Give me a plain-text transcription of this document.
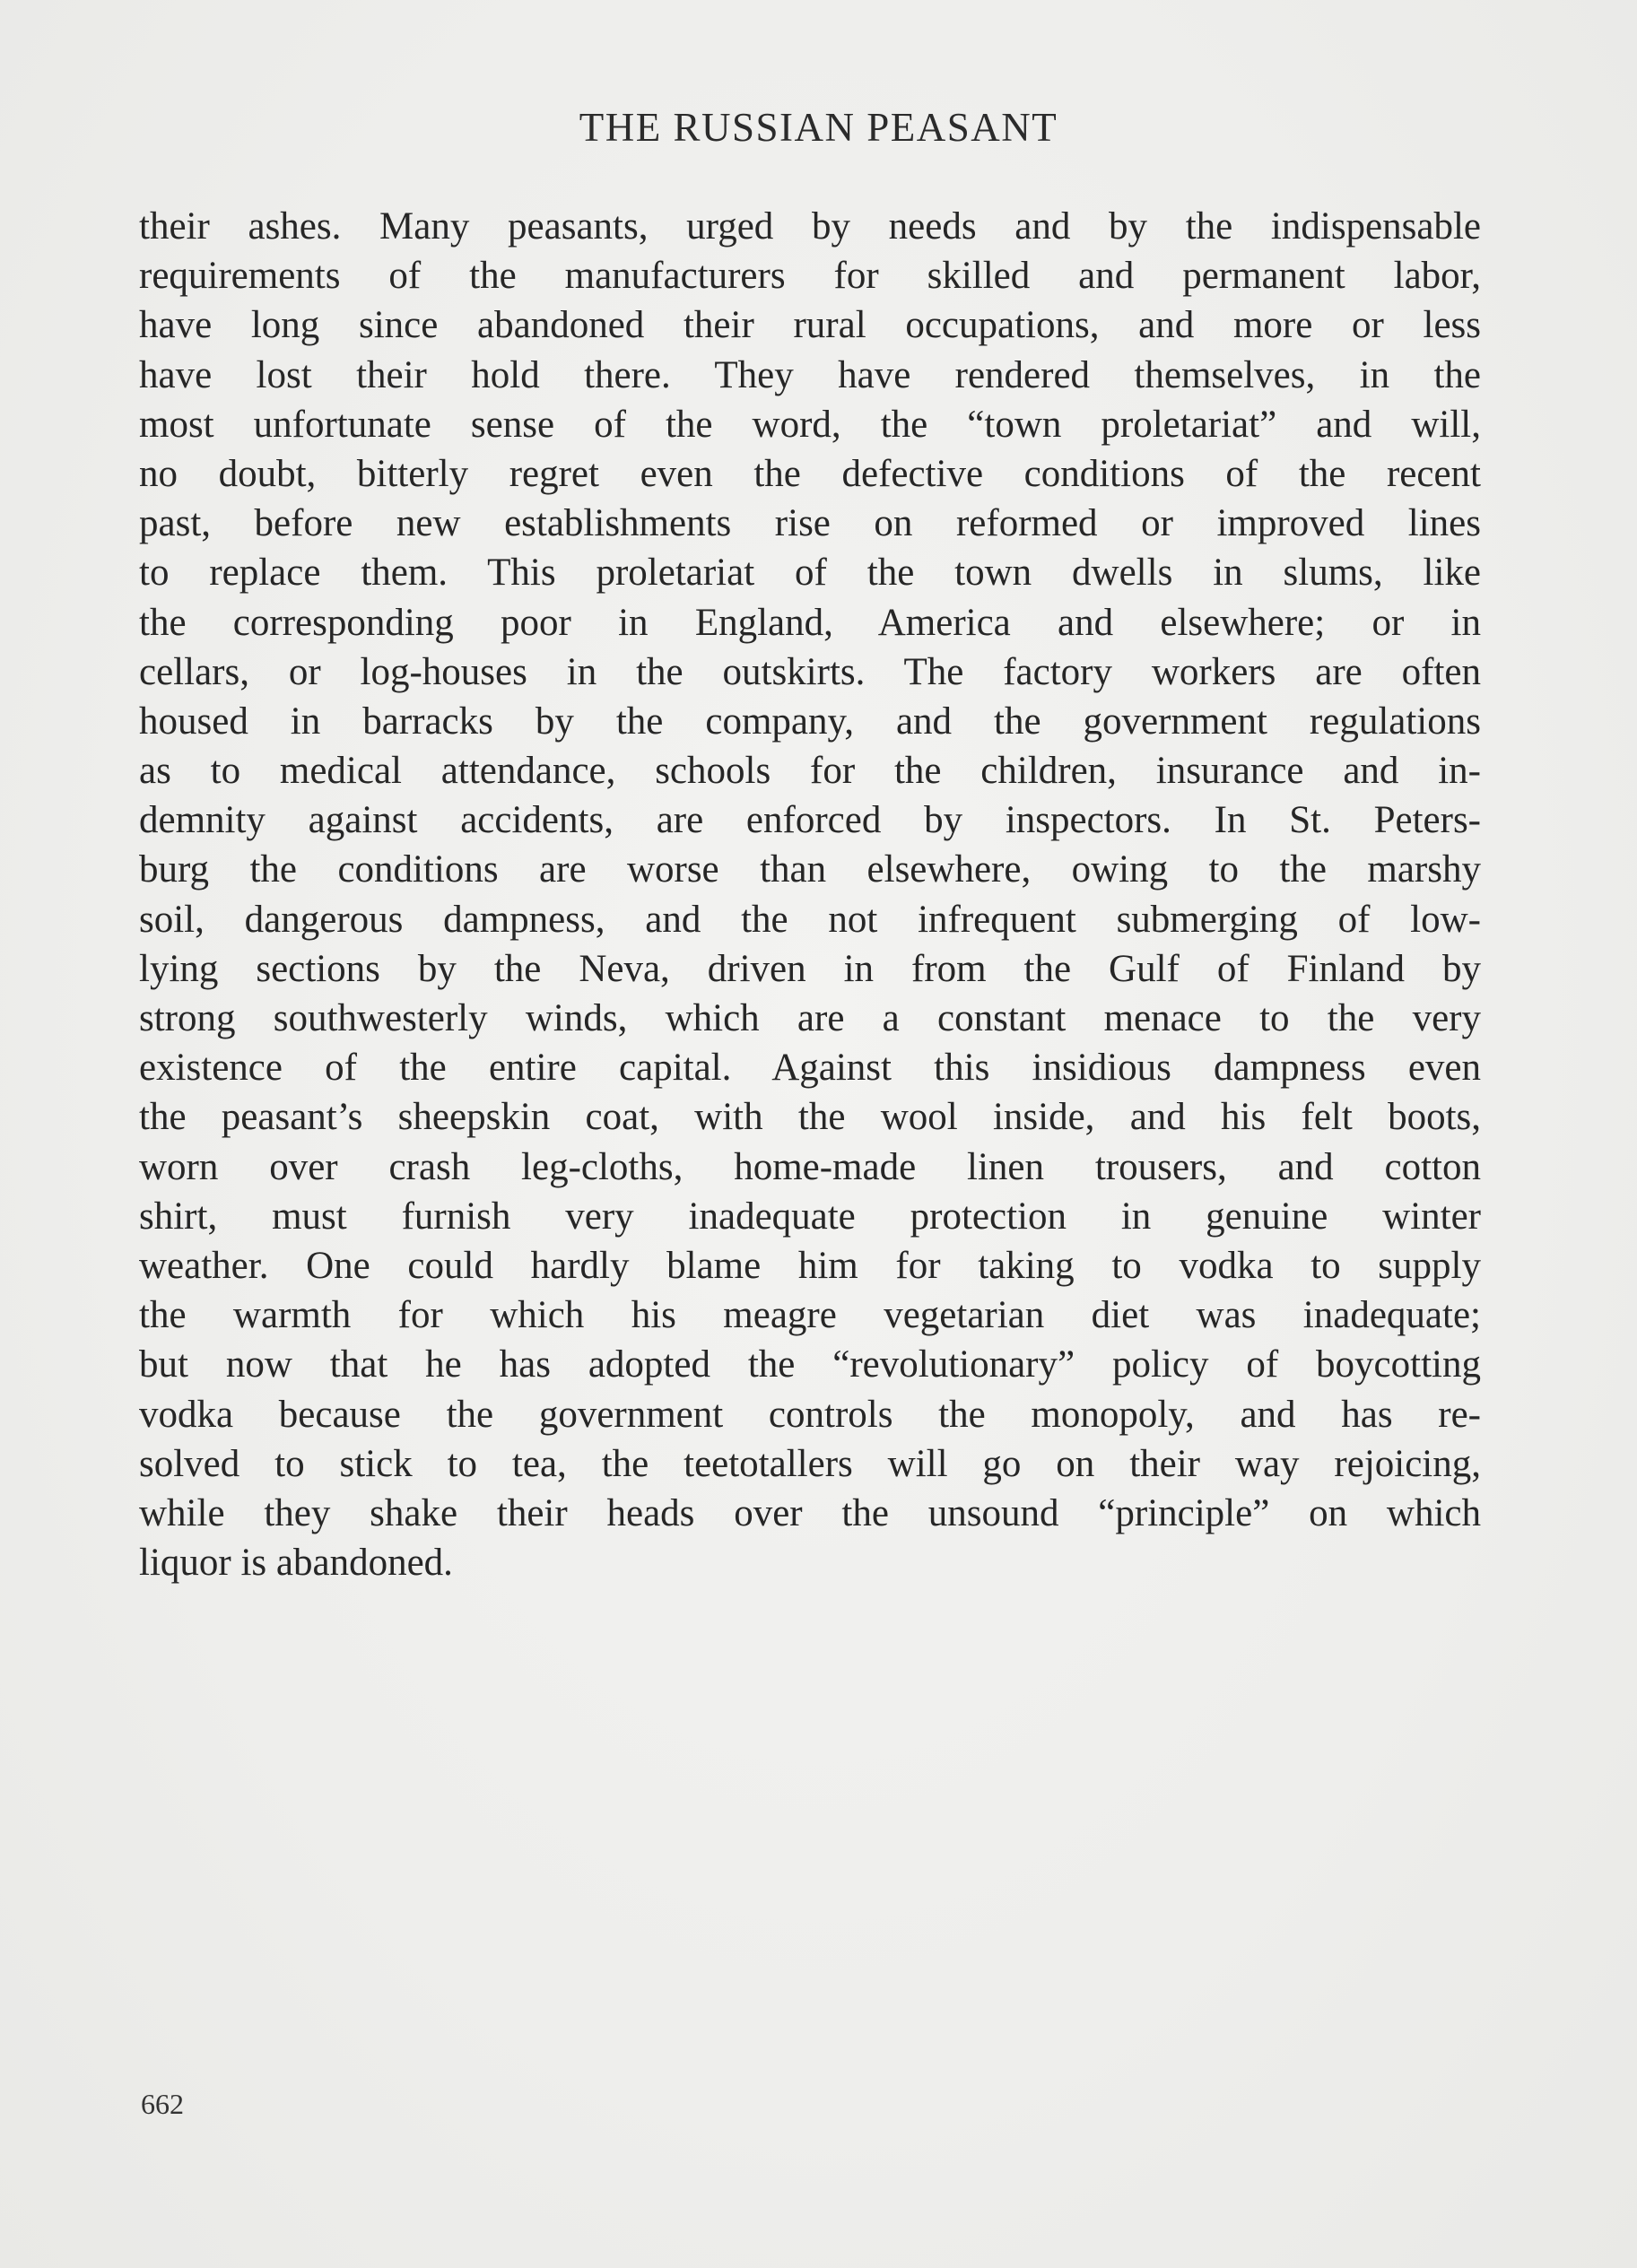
THE RUSSIAN PEASANT
their ashes. Many peasants, urged by needs and by the indispensable
requirements of the manufacturers for skilled and permanent labor,
have long since abandoned their rural occupations, and more or less
have lost their hold there. They have rendered themselves, in the
most unfortunate sense of the word, the “town proletariat” and will,
no doubt, bitterly regret even the defective conditions of the recent
past, before new establishments rise on reformed or improved lines
to replace them. This proletariat of the town dwells in slums, like
the corresponding poor in England, America and elsewhere; or in
cellars, or log-houses in the outskirts. The factory workers are often
housed in barracks by the company, and the government regulations
as to medical attendance, schools for the children, insurance and in-
demnity against accidents, are enforced by inspectors. In St. Peters-
burg the conditions are worse than elsewhere, owing to the marshy
soil, dangerous dampness, and the not infrequent submerging of low-
lying sections by the Neva, driven in from the Gulf of Finland by
strong southwesterly winds, which are a constant menace to the very
existence of the entire capital. Against this insidious dampness even
the peasant’s sheepskin coat, with the wool inside, and his felt boots,
worn over crash leg-cloths, home-made linen trousers, and cotton
shirt, must furnish very inadequate protection in genuine winter
weather. One could hardly blame him for taking to vodka to supply
the warmth for which his meagre vegetarian diet was inadequate;
but now that he has adopted the “revolutionary” policy of boycotting
vodka because the government controls the monopoly, and has re-
solved to stick to tea, the teetotallers will go on their way rejoicing,
while they shake their heads over the unsound “principle” on which
liquor is abandoned.
662
